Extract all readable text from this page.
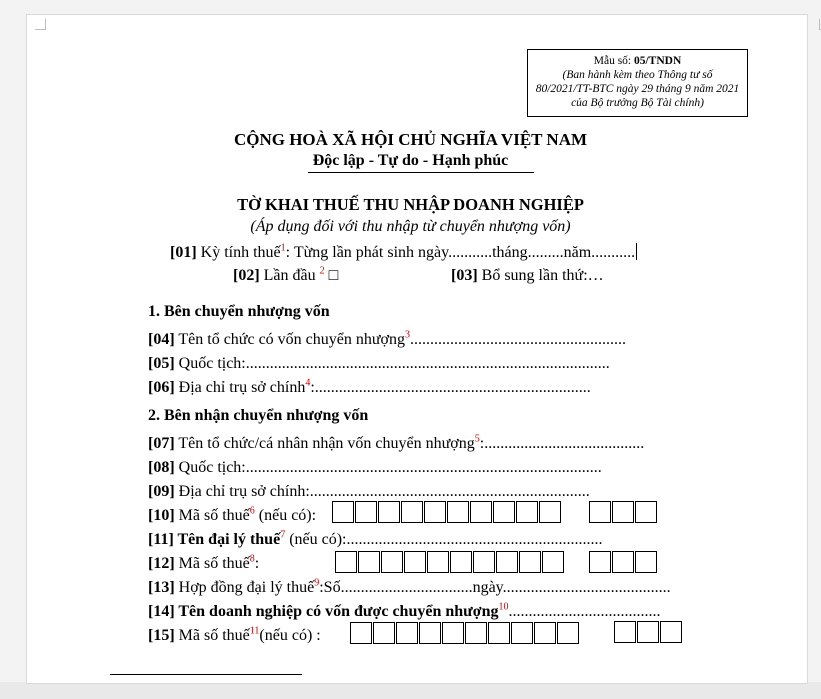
Mẫu số: 05/TNDN
(Ban hành kèm theo Thông tư số
80/2021/TT-BTC ngày 29 tháng 9 năm 2021
của Bộ trưởng Bộ Tài chính)
CỘNG HOÀ XÃ HỘI CHỦ NGHĨA VIỆT NAM
Độc lập - Tự do - Hạnh phúc
TỜ KHAI THUẾ THU NHẬP DOANH NGHIỆP
(Áp dụng đối với thu nhập từ chuyển nhượng vốn)
[01] Kỳ tính thuế$^1$: Từng lần phát sinh ngày...........tháng.........năm...........
[02] Lần đầu $^2$ □	[03] Bổ sung lần thứ:…
1. Bên chuyển nhượng vốn
[04] Tên tổ chức có vốn chuyển nhượng$^3$......................................................
[05] Quốc tịch:...........................................................................................
[06] Địa chỉ trụ sở chính$^4$:.....................................................................
2. Bên nhận chuyển nhượng vốn
[07] Tên tổ chức/cá nhân nhận vốn chuyển nhượng$^5$:........................................
[08] Quốc tịch:.........................................................................................
[09] Địa chỉ trụ sở chính:......................................................................
[10] Mã số thuế$^6$ (nếu có):
[11] Tên đại lý thuế$^7$ (nếu có):................................................................
[12] Mã số thuế$^8$:
[13] Hợp đồng đại lý thuế$^9$:Số.................................ngày..........................................
[14] Tên doanh nghiệp có vốn được chuyển nhượng$^{10}$......................................
[15] Mã số thuế$^{11}$(nếu có) :
